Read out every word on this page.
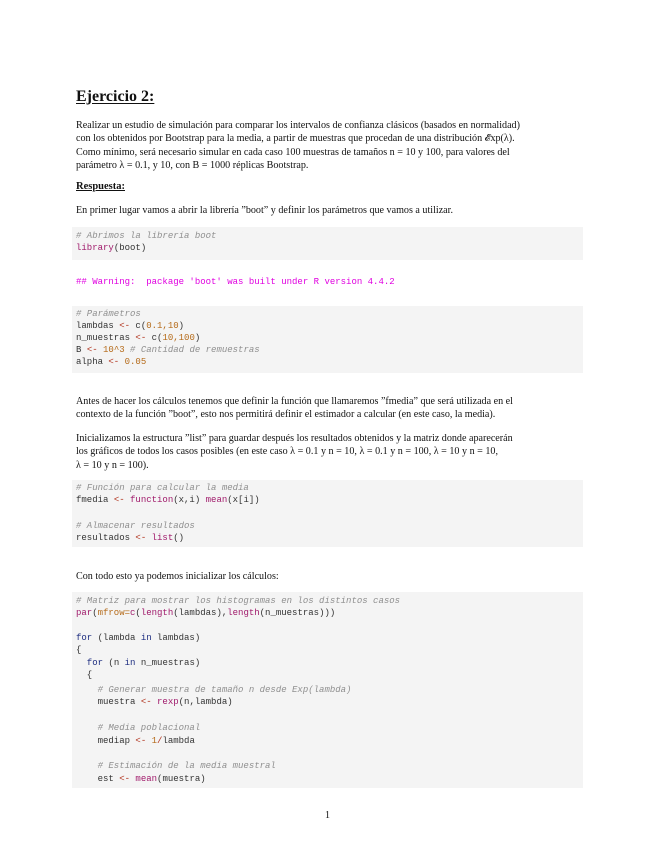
Ejercicio 2:
Realizar un estudio de simulación para comparar los intervalos de confianza clásicos (basados en normalidad)
con los obtenidos por Bootstrap para la media, a partir de muestras que procedan de una distribución 𝓔xp(λ).
Como mínimo, será necesario simular en cada caso 100 muestras de tamaños n = 10 y 100, para valores del
parámetro λ = 0.1, y 10, con B = 1000 réplicas Bootstrap.
Respuesta:
En primer lugar vamos a abrir la librería ”boot” y definir los parámetros que vamos a utilizar.
# Abrimos la librería boot
library(boot)
## Warning:  package 'boot' was built under R version 4.4.2
# Parámetros
lambdas <- c(0.1,10)
n_muestras <- c(10,100)
B <- 10^3 # Cantidad de remuestras
alpha <- 0.05
Antes de hacer los cálculos tenemos que definir la función que llamaremos ”fmedia” que será utilizada en el
contexto de la función ”boot”, esto nos permitirá definir el estimador a calcular (en este caso, la media).
Inicializamos la estructura ”list” para guardar después los resultados obtenidos y la matriz donde aparecerán
los gráficos de todos los casos posibles (en este caso λ = 0.1 y n = 10, λ = 0.1 y n = 100, λ = 10 y n = 10,
λ = 10 y n = 100).
# Función para calcular la media
fmedia <- function(x,i) mean(x[i])
# Almacenar resultados
resultados <- list()
Con todo esto ya podemos inicializar los cálculos:
# Matriz para mostrar los histogramas en los distintos casos
par(mfrow=c(length(lambdas),length(n_muestras)))
for (lambda in lambdas)
{
for (n in n_muestras)
{
# Generar muestra de tamaño n desde Exp(lambda)
muestra <- rexp(n,lambda)
# Media poblacional
mediap <- 1/lambda
# Estimación de la media muestral
est <- mean(muestra)
1
